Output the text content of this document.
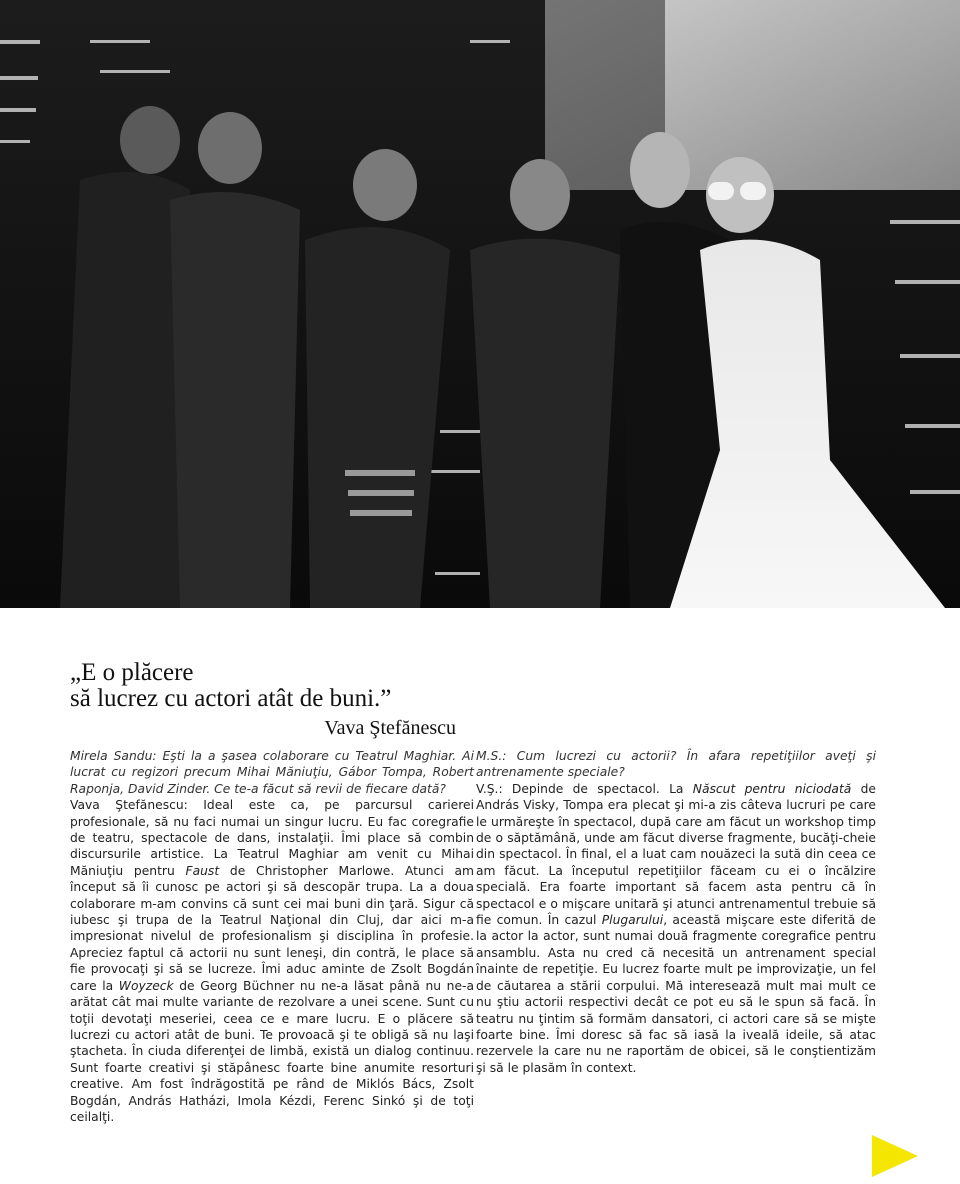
„E o plăcere
să lucrez cu actori atât de buni.”
Vava Ştefănescu

Mirela Sandu: Eşti la a şasea colaborare cu Teatrul Maghiar. Ai lucrat cu regizori precum Mihai Măniuţiu, Gábor Tompa, Robert Raponja, David Zinder. Ce te-a făcut să revii de fiecare dată?

Vava Ştefănescu: Ideal este ca, pe parcursul carierei profesionale, să nu faci numai un singur lucru. Eu fac coregrafie de teatru, spectacole de dans, instalaţii. Îmi place să combin discursurile artistice. La Teatrul Maghiar am venit cu Mihai Măniuţiu pentru Faust de Christopher Marlowe. Atunci am început să îi cunosc pe actori şi să descopăr trupa. La a doua colaborare m-am convins că sunt cei mai buni din ţară. Sigur că iubesc şi trupa de la Teatrul Naţional din Cluj, dar aici m-a impresionat nivelul de profesionalism şi disciplina în profesie. Apreciez faptul că actorii nu sunt leneşi, din contră, le place să fie provocaţi şi să se lucreze. Îmi aduc aminte de Zsolt Bogdán care la Woyzeck de Georg Büchner nu ne-a lăsat până nu ne-a arătat cât mai multe variante de rezolvare a unei scene. Sunt cu toţii devotaţi meseriei, ceea ce e mare lucru. E o plăcere să lucrezi cu actori atât de buni. Te provoacă şi te obligă să nu laşi ştacheta. În ciuda diferenţei de limbă, există un dialog continuu. Sunt foarte creativi şi stăpânesc foarte bine anumite resorturi creative. Am fost îndrăgostită pe rând de Miklós Bács, Zsolt Bogdán, András Hatházi, Imola Kézdi, Ferenc Sinkó şi de toţi ceilalţi.

M.S.: Cum lucrezi cu actorii? În afara repetiţiilor aveţi şi antrenamente speciale?

V.Ş.: Depinde de spectacol. La Născut pentru niciodată de András Visky, Tompa era plecat şi mi-a zis câteva lucruri pe care le urmăreşte în spectacol, după care am făcut un workshop timp de o săptămână, unde am făcut diverse fragmente, bucăţi-cheie din spectacol. În final, el a luat cam nouăzeci la sută din ceea ce am făcut. La începutul repetiţiilor făceam cu ei o încălzire specială. Era foarte important să facem asta pentru că în spectacol e o mişcare unitară şi atunci antrenamentul trebuie să fie comun. În cazul Plugarului, această mişcare este diferită de la actor la actor, sunt numai două fragmente coregrafice pentru ansamblu. Asta nu cred că necesită un antrenament special înainte de repetiţie. Eu lucrez foarte mult pe improvizaţie, un fel de căutarea a stării corpului. Mă interesează mult mai mult ce nu ştiu actorii respectivi decât ce pot eu să le spun să facă. În teatru nu ţintim să formăm dansatori, ci actori care să se mişte foarte bine. Îmi doresc să fac să iasă la iveală ideile, să atac rezervele la care nu ne raportăm de obicei, să le conştientizăm şi să le plasăm în context.
